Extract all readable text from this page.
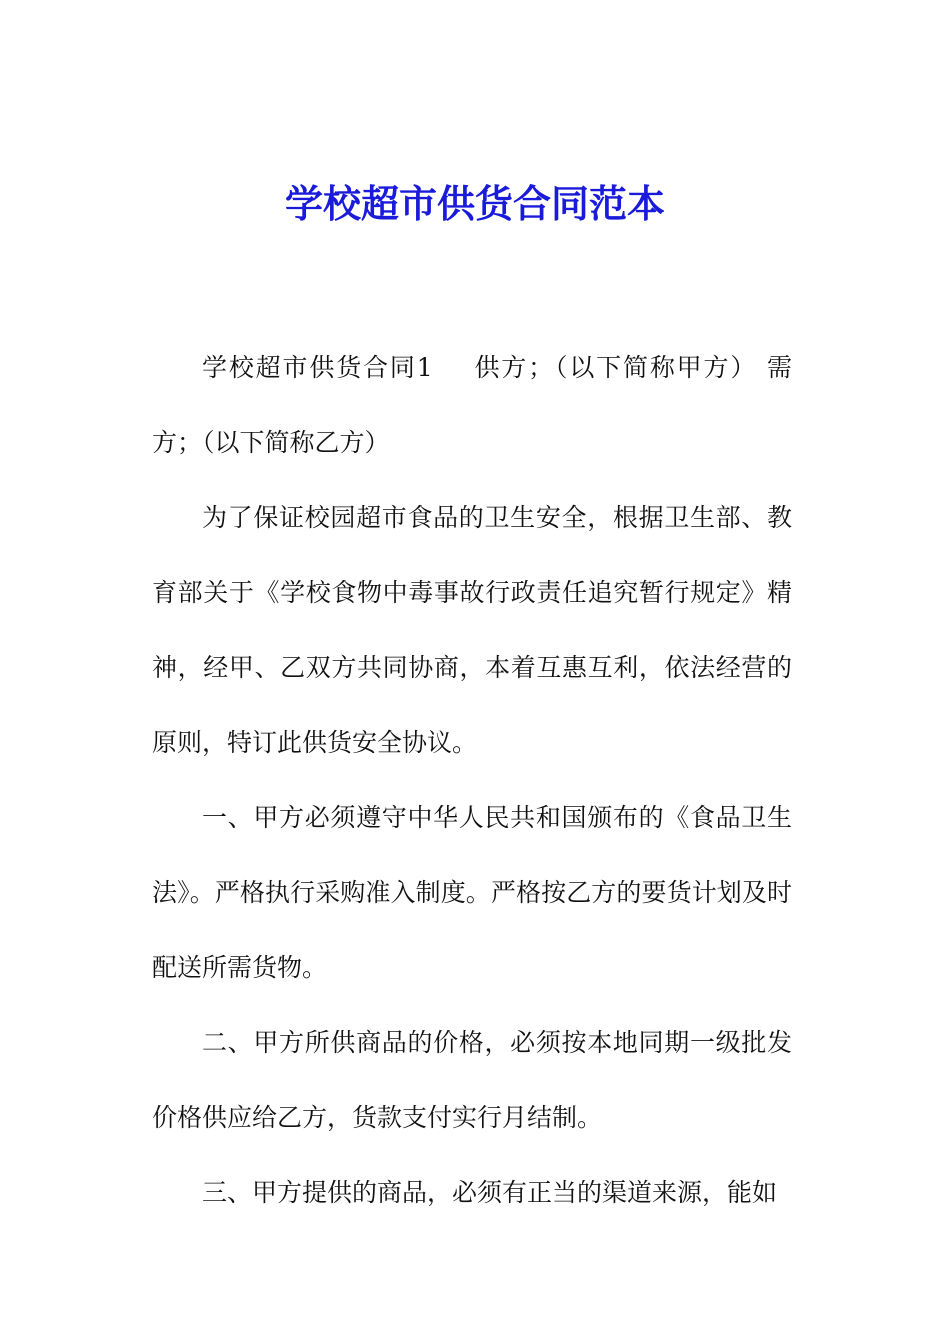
学校超市供货合同范本

学校超市供货合同1 供方；（以下简称甲方） 需方；（以下简称乙方）

为了保证校园超市食品的卫生安全，根据卫生部、教育部关于《学校食物中毒事故行政责任追究暂行规定》精神，经甲、乙双方共同协商，本着互惠互利，依法经营的原则，特订此供货安全协议。

一、甲方必须遵守中华人民共和国颁布的《食品卫生法》。严格执行采购准入制度。严格按乙方的要货计划及时配送所需货物。

二、甲方所供商品的价格，必须按本地同期一级批发价格供应给乙方，货款支付实行月结制。

三、甲方提供的商品，必须有正当的渠道来源，能如
